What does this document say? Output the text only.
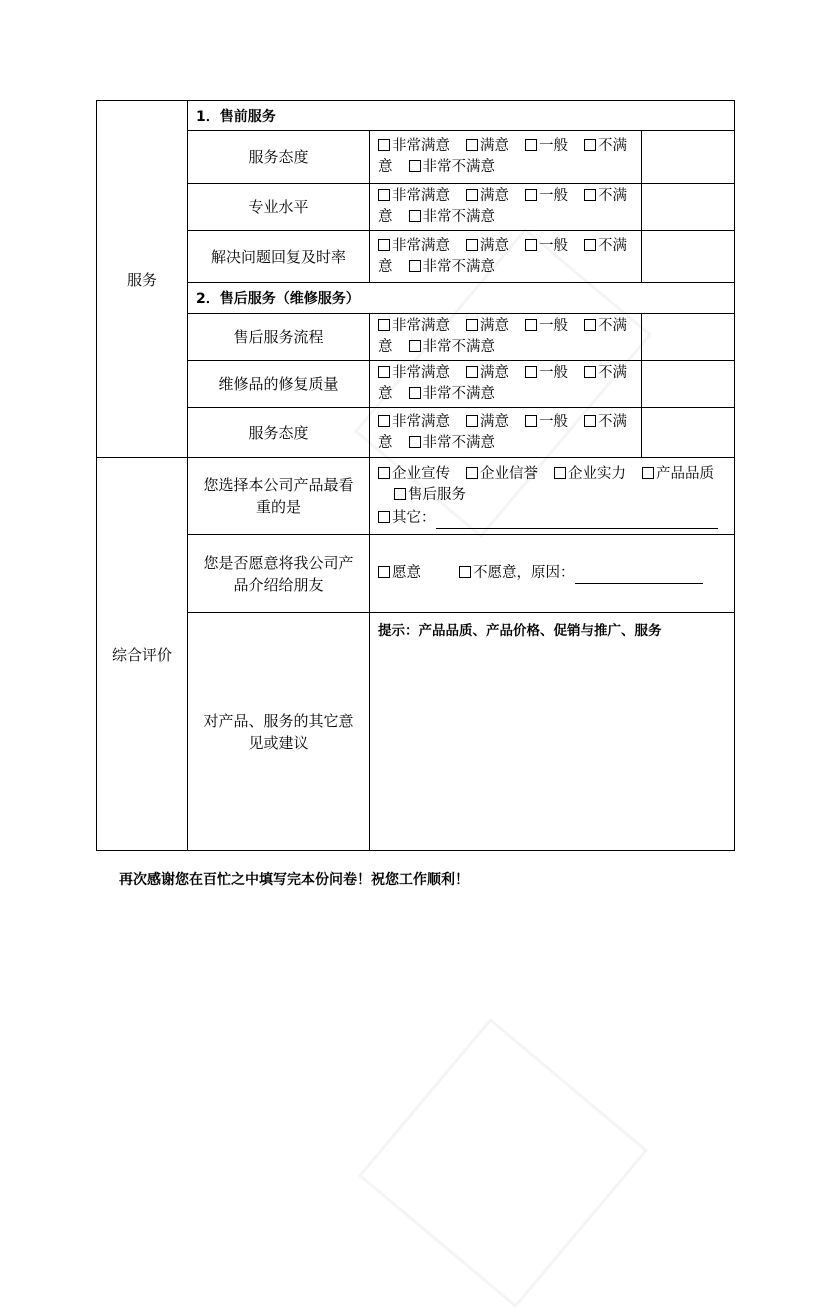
服务	1．售前服务		
	服务态度	非常满意 满意 一般 不满意 非常不满意	
	专业水平	非常满意 满意 一般 不满意 非常不满意	
	解决问题回复及时率	非常满意 满意 一般 不满意 非常不满意	
	2．售后服务（维修服务）		
	售后服务流程	非常满意 满意 一般 不满意 非常不满意	
	维修品的修复质量	非常满意 满意 一般 不满意 非常不满意	
	服务态度	非常满意 满意 一般 不满意 非常不满意	
综合评价	您选择本公司产品最看重的是	企业宣传 企业信誉 企业实力 产品品质售后服务
其它：	

	您是否愿意将我公司产品介绍给朋友	愿意 不愿意，原因：	
	对产品、服务的其它意见或建议	提示：产品品质、产品价格、促销与推广、服务	
再次感谢您在百忙之中填写完本份问卷！祝您工作顺利！
